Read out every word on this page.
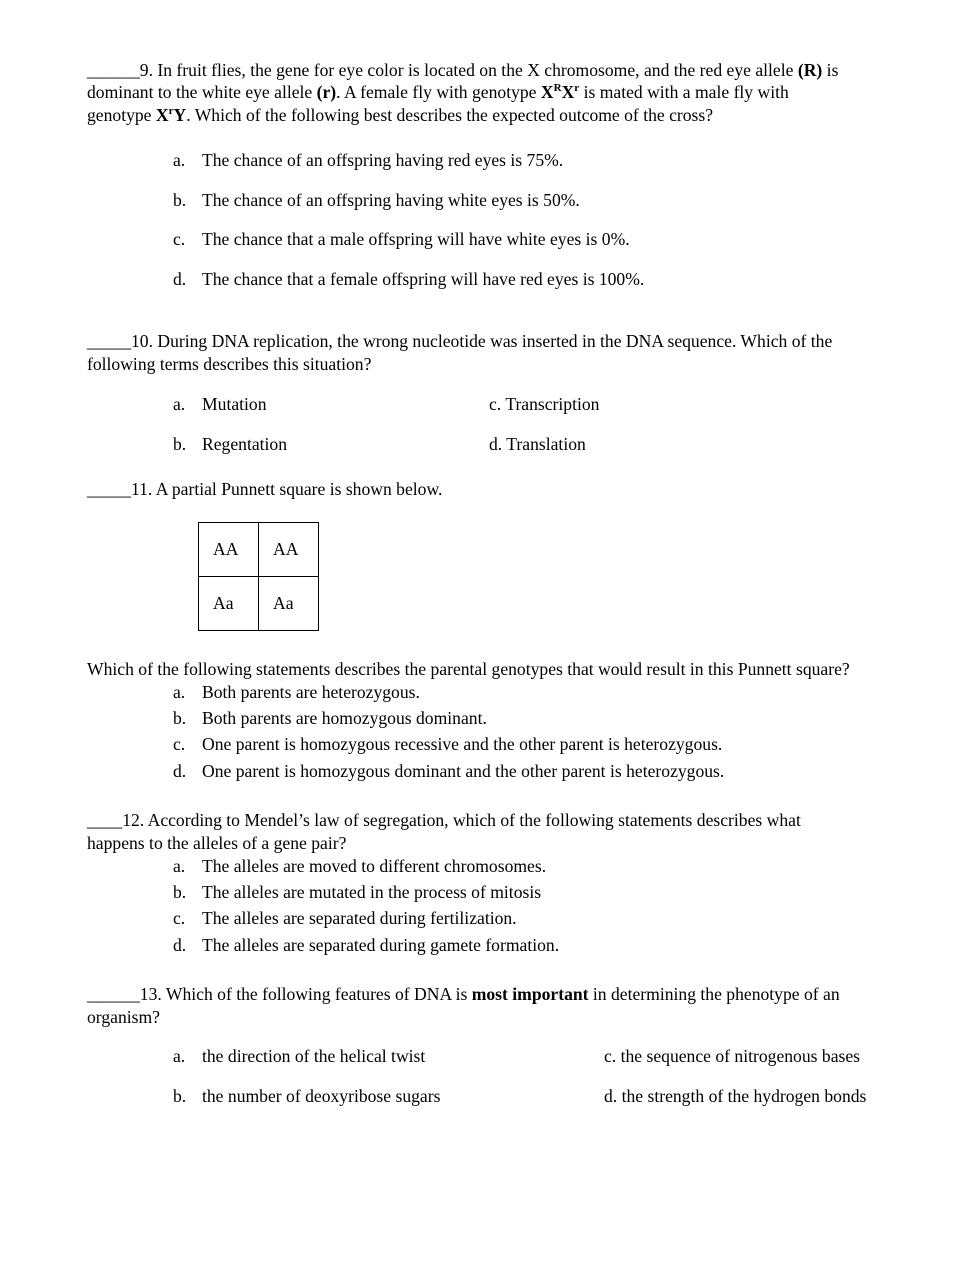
______9. In fruit flies, the gene for eye color is located on the X chromosome, and the red eye allele (R) is
dominant to the white eye allele (r). A female fly with genotype $X^RX^r$ is mated with a male fly with
genotype $X^rY$. Which of the following best describes the expected outcome of the cross?
a. The chance of an offspring having red eyes is 75%.
b. The chance of an offspring having white eyes is 50%.
c. The chance that a male offspring will have white eyes is 0%.
d. The chance that a female offspring will have red eyes is 100%.
_____10. During DNA replication, the wrong nucleotide was inserted in the DNA sequence. Which of the
following terms describes this situation?
a. Mutation
b. Regentation
c. Transcription
d. Translation
_____11. A partial Punnett square is shown below.
AA	AA
Aa	Aa
Which of the following statements describes the parental genotypes that would result in this Punnett square?
a. Both parents are heterozygous.
b. Both parents are homozygous dominant.
c. One parent is homozygous recessive and the other parent is heterozygous.
d. One parent is homozygous dominant and the other parent is heterozygous.
____12. According to Mendel’s law of segregation, which of the following statements describes what
happens to the alleles of a gene pair?
a. The alleles are moved to different chromosomes.
b. The alleles are mutated in the process of mitosis
c. The alleles are separated during fertilization.
d. The alleles are separated during gamete formation.
______13. Which of the following features of DNA is most important in determining the phenotype of an
organism?
a. the direction of the helical twist
b. the number of deoxyribose sugars
c. the sequence of nitrogenous bases
d. the strength of the hydrogen bonds
